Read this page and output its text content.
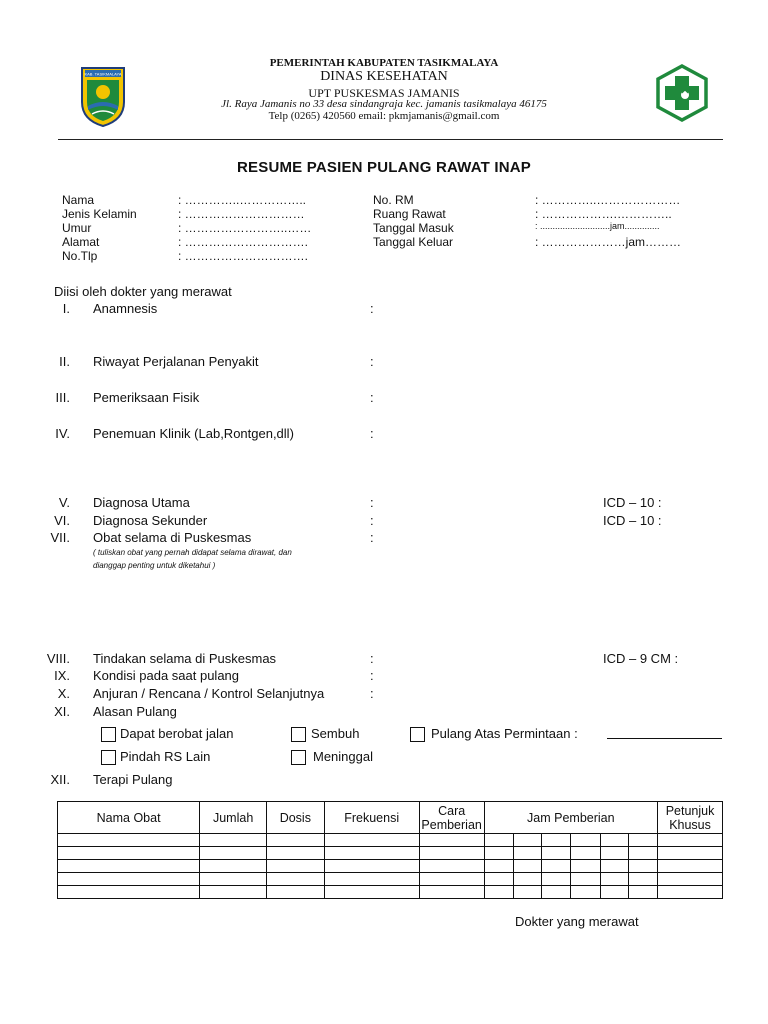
KAB. TASIKMALAYA
PEMERINTAH KABUPATEN TASIKMALAYA
DINAS KESEHATAN
UPT PUSKESMAS JAMANIS
Jl. Raya Jamanis no 33 desa sindangraja kec. jamanis tasikmalaya 46175
Telp (0265) 420560 email: pkmjamanis@gmail.com
RESUME PASIEN PULANG RAWAT INAP
Nama	: …………..……………..
Jenis Kelamin	: …………………………
Umur	: ……………………..……
Alamat	: ………………………….
No.Tlp	: ………………………….
No. RM	: …………..…………………
Ruang Rawat	: ……………….…………..
Tanggal Masuk	: ............................jam..............
Tanggal Keluar	: …………………jam………
Diisi oleh dokter yang merawat
I. Anamnesis	:
II. Riwayat Perjalanan Penyakit	:
III. Pemeriksaan Fisik	:
IV. Penemuan Klinik (Lab,Rontgen,dll)	:
V. Diagnosa Utama	:	ICD – 10 :
VI. Diagnosa Sekunder	:	ICD – 10 :
VII. Obat selama di Puskesmas	:
( tuliskan obat yang pernah didapat selama dirawat, dan
dianggap penting untuk diketahui )
VIII. Tindakan selama di Puskesmas	:	ICD – 9 CM :
IX. Kondisi pada saat pulang	:
X. Anjuran / Rencana / Kontrol Selanjutnya	:
XI. Alasan Pulang
Dapat berobat jalan	Sembuh	Pulang Atas Permintaan :
Pindah RS Lain	Meninggal
XII. Terapi Pulang
Nama Obat	Jumlah	Dosis	Frekuensi	Cara Pemberian	Jam Pemberian						Petunjuk Khusus

Dokter yang merawat
